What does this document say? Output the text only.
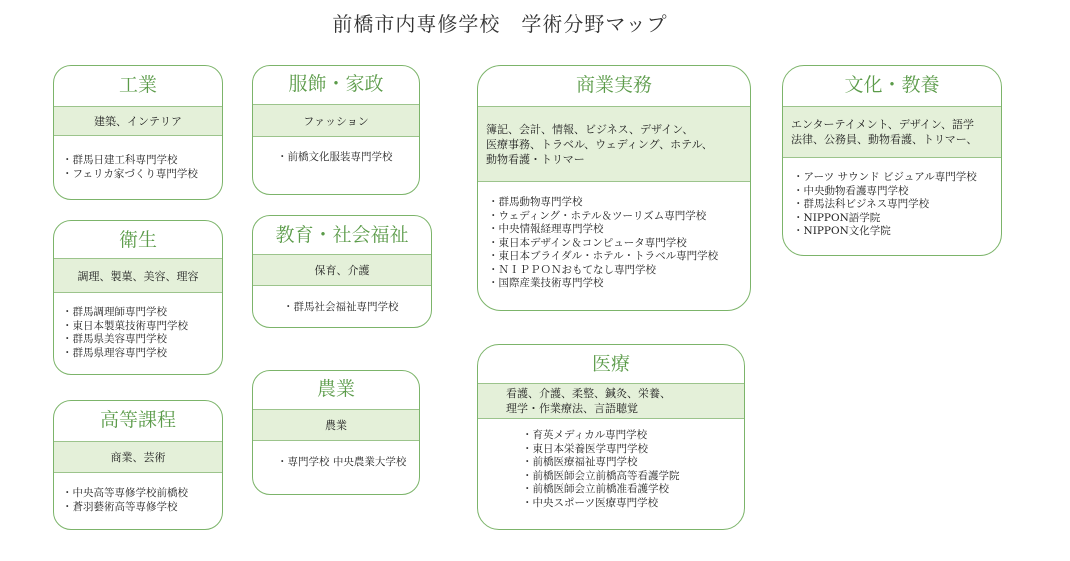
前橋市内専修学校　学術分野マップ
工業
建築、インテリア
・ 群馬日建工科専門学校
・ フェリカ家づくり専門学校
衛生
調理、製菓、美容、理容
・ 群馬調理師専門学校
・ 東日本製菓技術専門学校
・ 群馬県美容専門学校
・ 群馬県理容専門学校
高等課程
商業、芸術
・ 中央高等専修学校前橋校
・ 蒼羽藝術高等専修学校
服飾・家政
ファッション
・ 前橋文化服装専門学校
教育・社会福祉
保育、介護
・ 群馬社会福祉専門学校
農業
農業
・ 専門学校 中央農業大学校
商業実務
簿記、会計、情報、ビジネス、デザイン、
医療事務、トラベル、ウェディング、ホテル、
動物看護・トリマー
・ 群馬動物専門学校
・ ウェディング・ホテル＆ツーリズム専門学校
・ 中央情報経理専門学校
・ 東日本デザイン＆コンピュータ専門学校
・ 東日本ブライダル・ホテル・トラベル専門学校
・ ＮＩＰＰＯＮおもてなし専門学校
・ 国際産業技術専門学校
医療
看護、介護、柔整、鍼灸、栄養、
理学・作業療法、言語聴覚
・ 育英メディカル専門学校
・ 東日本栄養医学専門学校
・ 前橋医療福祉専門学校
・ 前橋医師会立前橋高等看護学院
・ 前橋医師会立前橋准看護学校
・ 中央スポーツ医療専門学校
文化・教養
エンターテイメント、デザイン、語学
法律、公務員、動物看護、トリマー、
・ アーツ サウンド ビジュアル専門学校
・ 中央動物看護専門学校
・ 群馬法科ビジネス専門学校
・ NIPPON語学院
・ NIPPON文化学院
